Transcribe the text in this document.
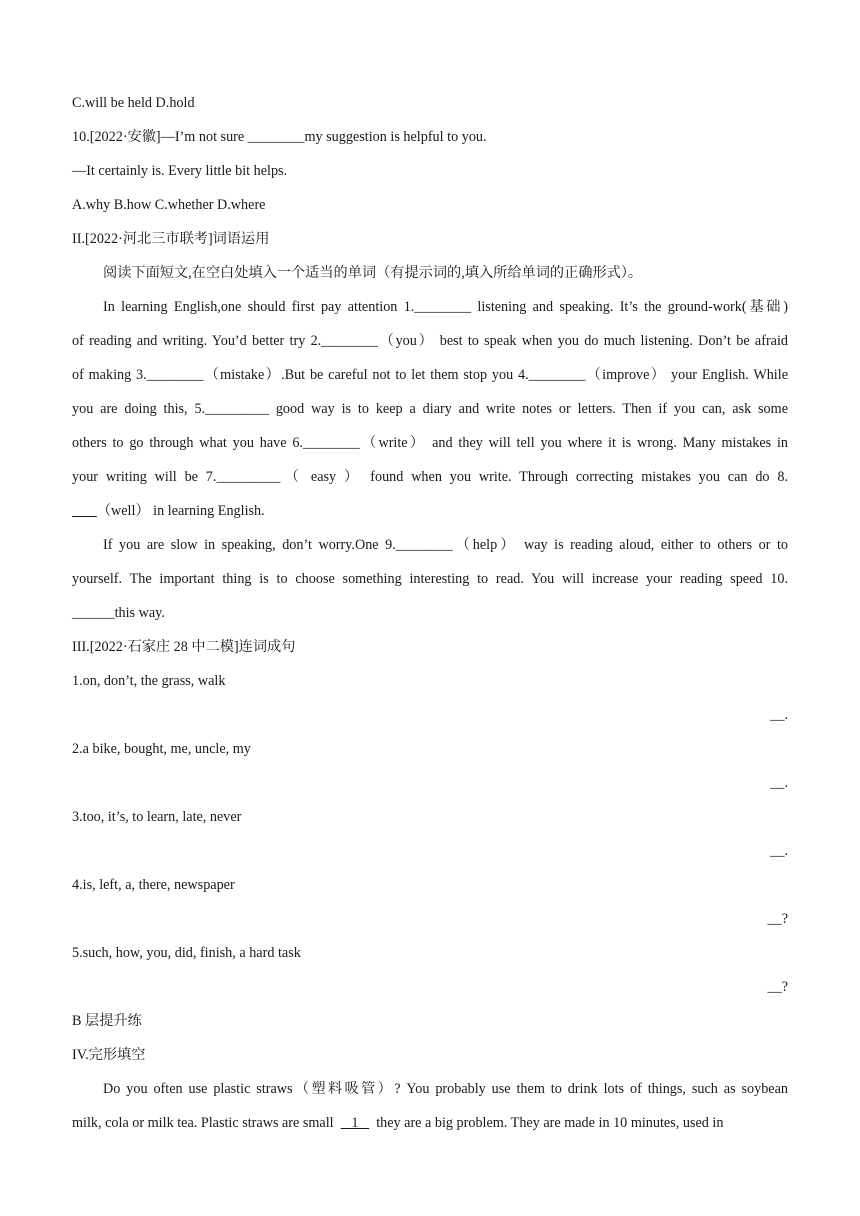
C.will be held D.hold
10.[2022·安徽]—I’m not sure ________my suggestion is helpful to you.
—It certainly is. Every little bit helps.
A.why B.how C.whether D.where
II.[2022·河北三市联考]词语运用
阅读下面短文,在空白处填入一个适当的单词（有提示词的,填入所给单词的正确形式）。
In learning English,one should first pay attention 1.________ listening and speaking. It’s the ground-work(基础)
of reading and writing. You’d better try 2.________（you） best to speak when you do much listening. Don’t be afraid
of making 3.________（mistake）.But be careful not to let them stop you 4.________（improve） your English. While
you are doing this, 5._________ good way is to keep a diary and write notes or letters. Then if you can, ask some
others to go through what you have 6.________（write） and they will tell you where it is wrong. Many mistakes in
your writing will be 7._________（ easy ） found when you write. Through correcting mistakes you can do 8.
（well） in learning English.
If you are slow in speaking, don’t worry.One 9.________（help） way is reading aloud, either to others or to
yourself. The important thing is to choose something interesting to read. You will increase your reading speed 10.
______this way.
III.[2022·石家庄 28 中二模]连词成句
1.on, don’t, the grass, walk
__.
2.a bike, bought, me, uncle, my
__.
3.too, it’s, to learn, late, never
__.
4.is, left, a, there, newspaper
__?
5.such, how, you, did, finish, a hard task
__?
B 层提升练
IV.完形填空
Do you often use plastic straws（塑料吸管）? You probably use them to drink lots of things, such as soybean
milk, cola or milk tea. Plastic straws are small     1     they are a big problem. They are made in 10 minutes, used in
